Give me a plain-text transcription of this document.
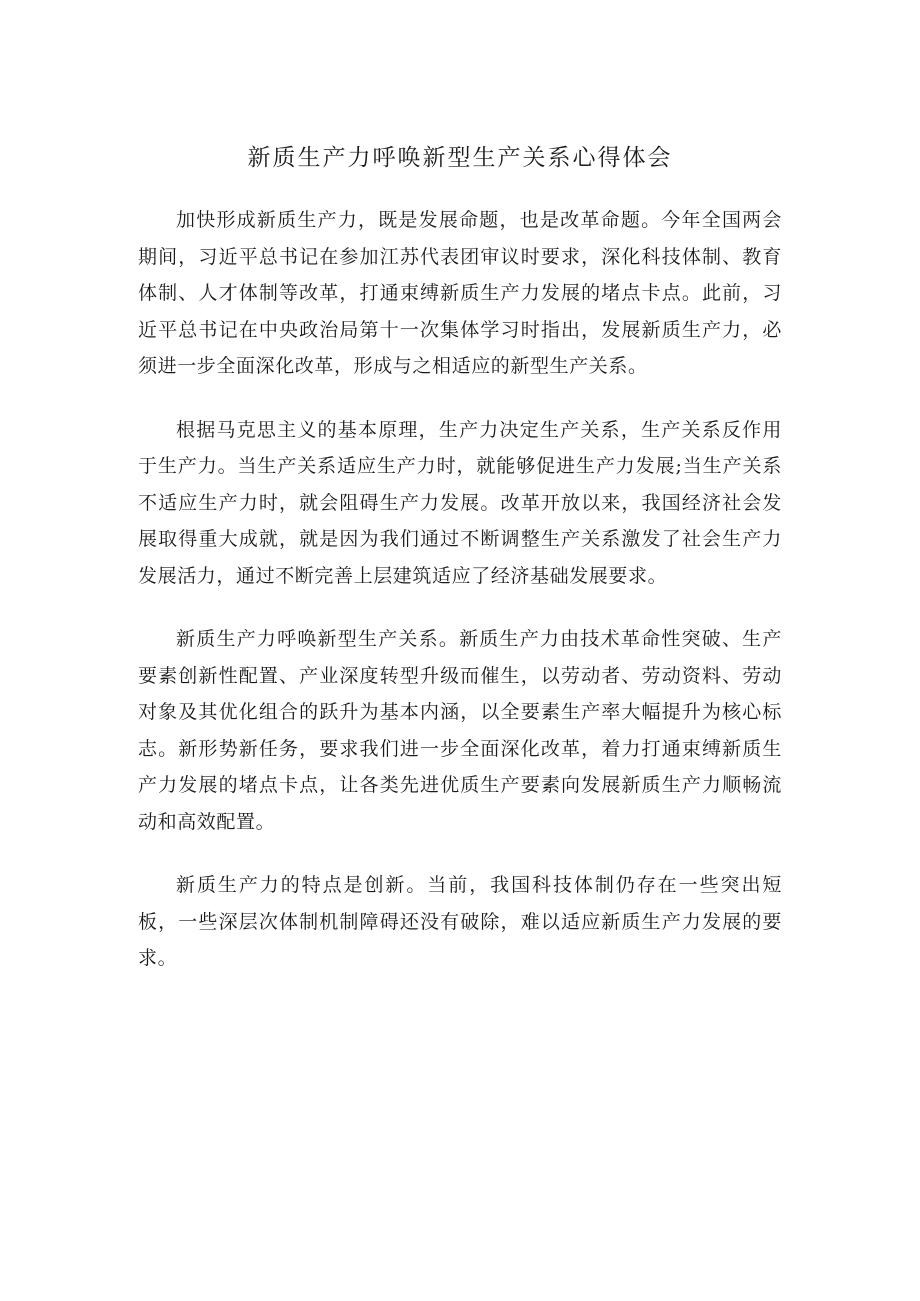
新质生产力呼唤新型生产关系心得体会

加快形成新质生产力，既是发展命题，也是改革命题。今年全国两会期间，习近平总书记在参加江苏代表团审议时要求，深化科技体制、教育体制、人才体制等改革，打通束缚新质生产力发展的堵点卡点。此前，习近平总书记在中央政治局第十一次集体学习时指出，发展新质生产力，必须进一步全面深化改革，形成与之相适应的新型生产关系。

根据马克思主义的基本原理，生产力决定生产关系，生产关系反作用于生产力。当生产关系适应生产力时，就能够促进生产力发展;当生产关系不适应生产力时，就会阻碍生产力发展。改革开放以来，我国经济社会发展取得重大成就，就是因为我们通过不断调整生产关系激发了社会生产力发展活力，通过不断完善上层建筑适应了经济基础发展要求。

新质生产力呼唤新型生产关系。新质生产力由技术革命性突破、生产要素创新性配置、产业深度转型升级而催生，以劳动者、劳动资料、劳动对象及其优化组合的跃升为基本内涵，以全要素生产率大幅提升为核心标志。新形势新任务，要求我们进一步全面深化改革，着力打通束缚新质生产力发展的堵点卡点，让各类先进优质生产要素向发展新质生产力顺畅流动和高效配置。

新质生产力的特点是创新。当前，我国科技体制仍存在一些突出短板，一些深层次体制机制障碍还没有破除，难以适应新质生产力发展的要求。
